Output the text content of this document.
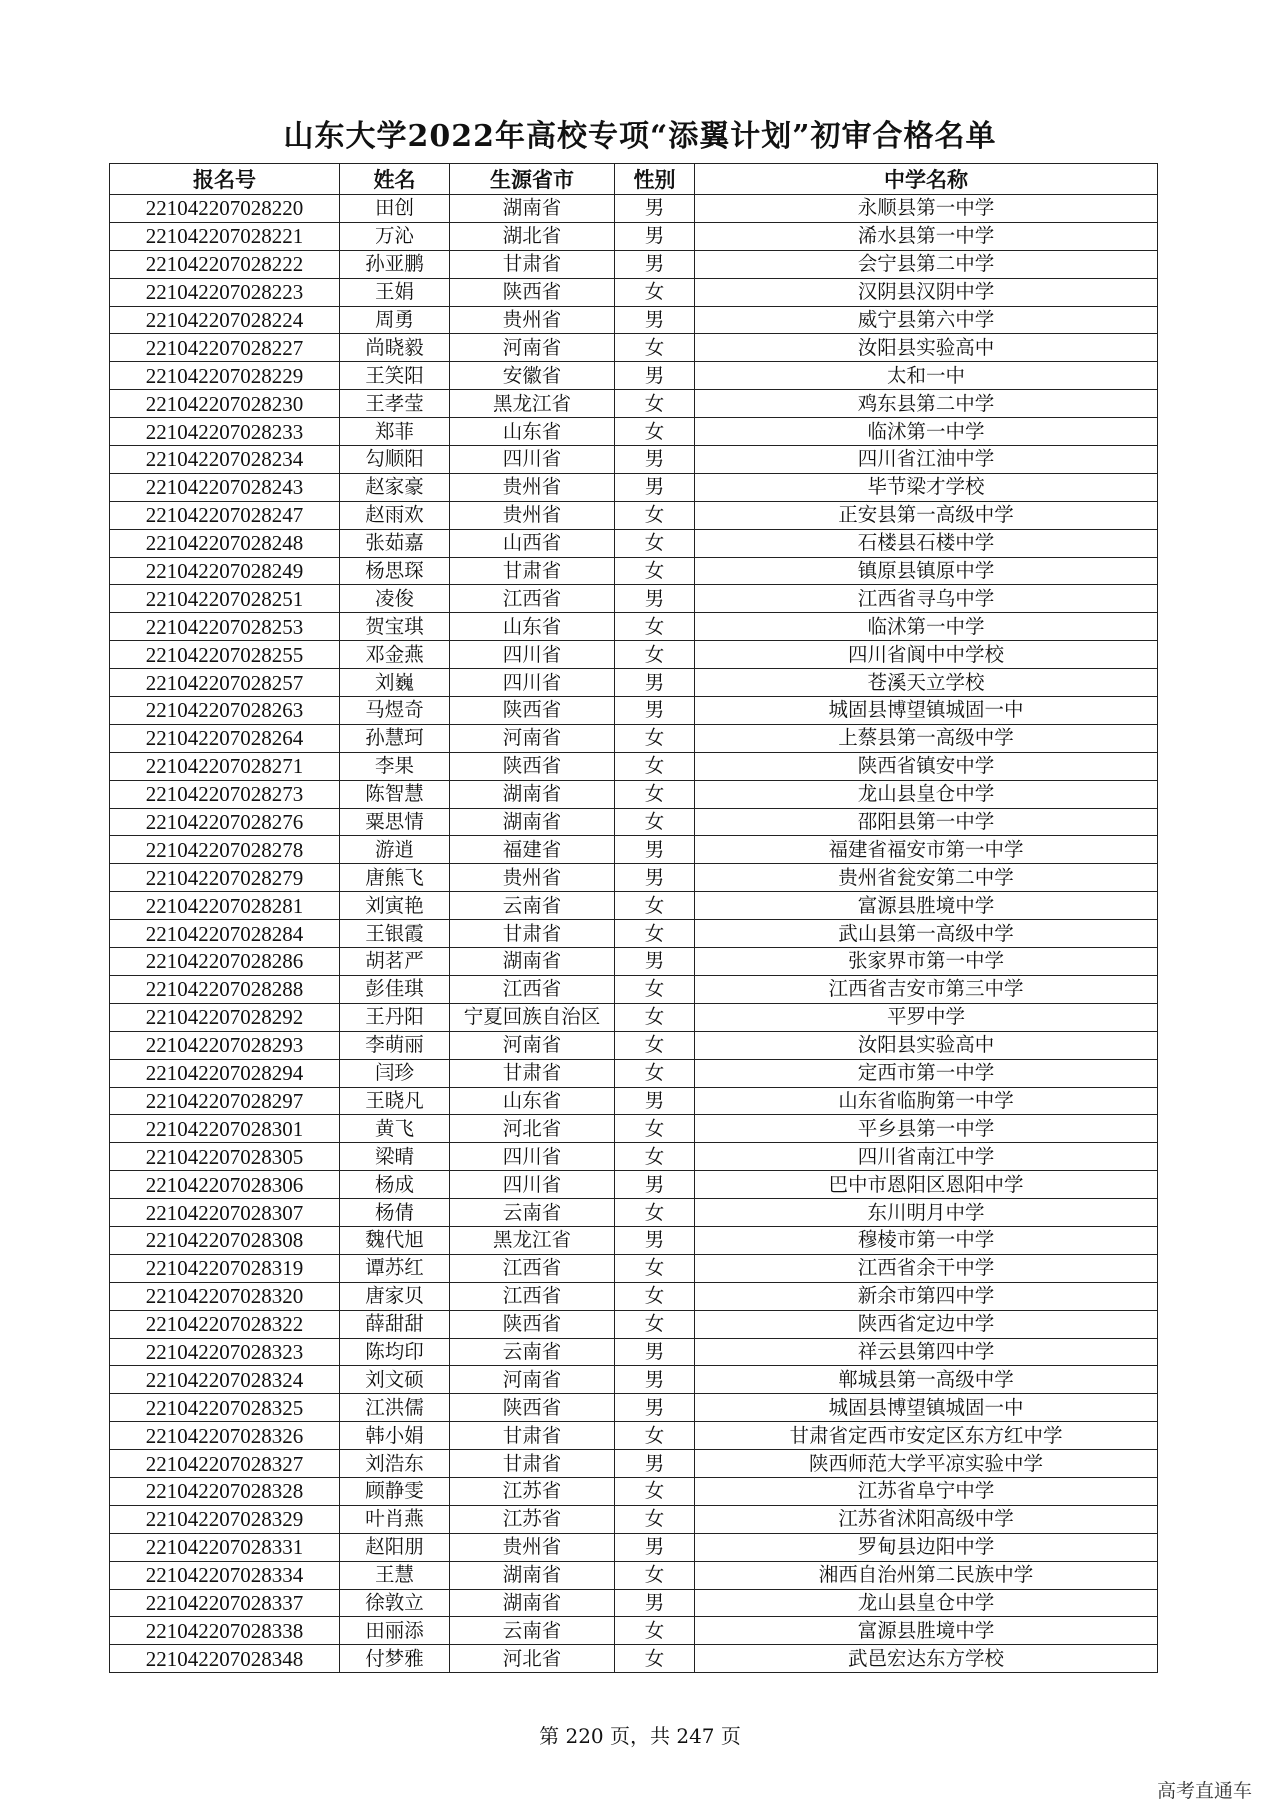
山东大学2022年高校专项“添翼计划”初审合格名单
报名号	姓名	生源省市	性别	中学名称
221042207028220	田创	湖南省	男	永顺县第一中学
221042207028221	万沁	湖北省	男	浠水县第一中学
221042207028222	孙亚鹏	甘肃省	男	会宁县第二中学
221042207028223	王娟	陕西省	女	汉阴县汉阴中学
221042207028224	周勇	贵州省	男	威宁县第六中学
221042207028227	尚晓毅	河南省	女	汝阳县实验高中
221042207028229	王笑阳	安徽省	男	太和一中
221042207028230	王孝莹	黑龙江省	女	鸡东县第二中学
221042207028233	郑菲	山东省	女	临沭第一中学
221042207028234	勾顺阳	四川省	男	四川省江油中学
221042207028243	赵家豪	贵州省	男	毕节梁才学校
221042207028247	赵雨欢	贵州省	女	正安县第一高级中学
221042207028248	张茹嘉	山西省	女	石楼县石楼中学
221042207028249	杨思琛	甘肃省	女	镇原县镇原中学
221042207028251	凌俊	江西省	男	江西省寻乌中学
221042207028253	贺宝琪	山东省	女	临沭第一中学
221042207028255	邓金燕	四川省	女	四川省阆中中学校
221042207028257	刘巍	四川省	男	苍溪天立学校
221042207028263	马煜奇	陕西省	男	城固县博望镇城固一中
221042207028264	孙慧珂	河南省	女	上蔡县第一高级中学
221042207028271	李果	陕西省	女	陕西省镇安中学
221042207028273	陈智慧	湖南省	女	龙山县皇仓中学
221042207028276	粟思情	湖南省	女	邵阳县第一中学
221042207028278	游逍	福建省	男	福建省福安市第一中学
221042207028279	唐熊飞	贵州省	男	贵州省瓮安第二中学
221042207028281	刘寅艳	云南省	女	富源县胜境中学
221042207028284	王银霞	甘肃省	女	武山县第一高级中学
221042207028286	胡茗严	湖南省	男	张家界市第一中学
221042207028288	彭佳琪	江西省	女	江西省吉安市第三中学
221042207028292	王丹阳	宁夏回族自治区	女	平罗中学
221042207028293	李萌丽	河南省	女	汝阳县实验高中
221042207028294	闫珍	甘肃省	女	定西市第一中学
221042207028297	王晓凡	山东省	男	山东省临朐第一中学
221042207028301	黄飞	河北省	女	平乡县第一中学
221042207028305	梁晴	四川省	女	四川省南江中学
221042207028306	杨成	四川省	男	巴中市恩阳区恩阳中学
221042207028307	杨倩	云南省	女	东川明月中学
221042207028308	魏代旭	黑龙江省	男	穆棱市第一中学
221042207028319	谭苏红	江西省	女	江西省余干中学
221042207028320	唐家贝	江西省	女	新余市第四中学
221042207028322	薛甜甜	陕西省	女	陕西省定边中学
221042207028323	陈均印	云南省	男	祥云县第四中学
221042207028324	刘文硕	河南省	男	郸城县第一高级中学
221042207028325	江洪儒	陕西省	男	城固县博望镇城固一中
221042207028326	韩小娟	甘肃省	女	甘肃省定西市安定区东方红中学
221042207028327	刘浩东	甘肃省	男	陕西师范大学平凉实验中学
221042207028328	顾静雯	江苏省	女	江苏省阜宁中学
221042207028329	叶肖燕	江苏省	女	江苏省沭阳高级中学
221042207028331	赵阳朋	贵州省	男	罗甸县边阳中学
221042207028334	王慧	湖南省	女	湘西自治州第二民族中学
221042207028337	徐敦立	湖南省	男	龙山县皇仓中学
221042207028338	田丽添	云南省	女	富源县胜境中学
221042207028348	付梦雅	河北省	女	武邑宏达东方学校
第 220 页，共 247 页
高考直通车
